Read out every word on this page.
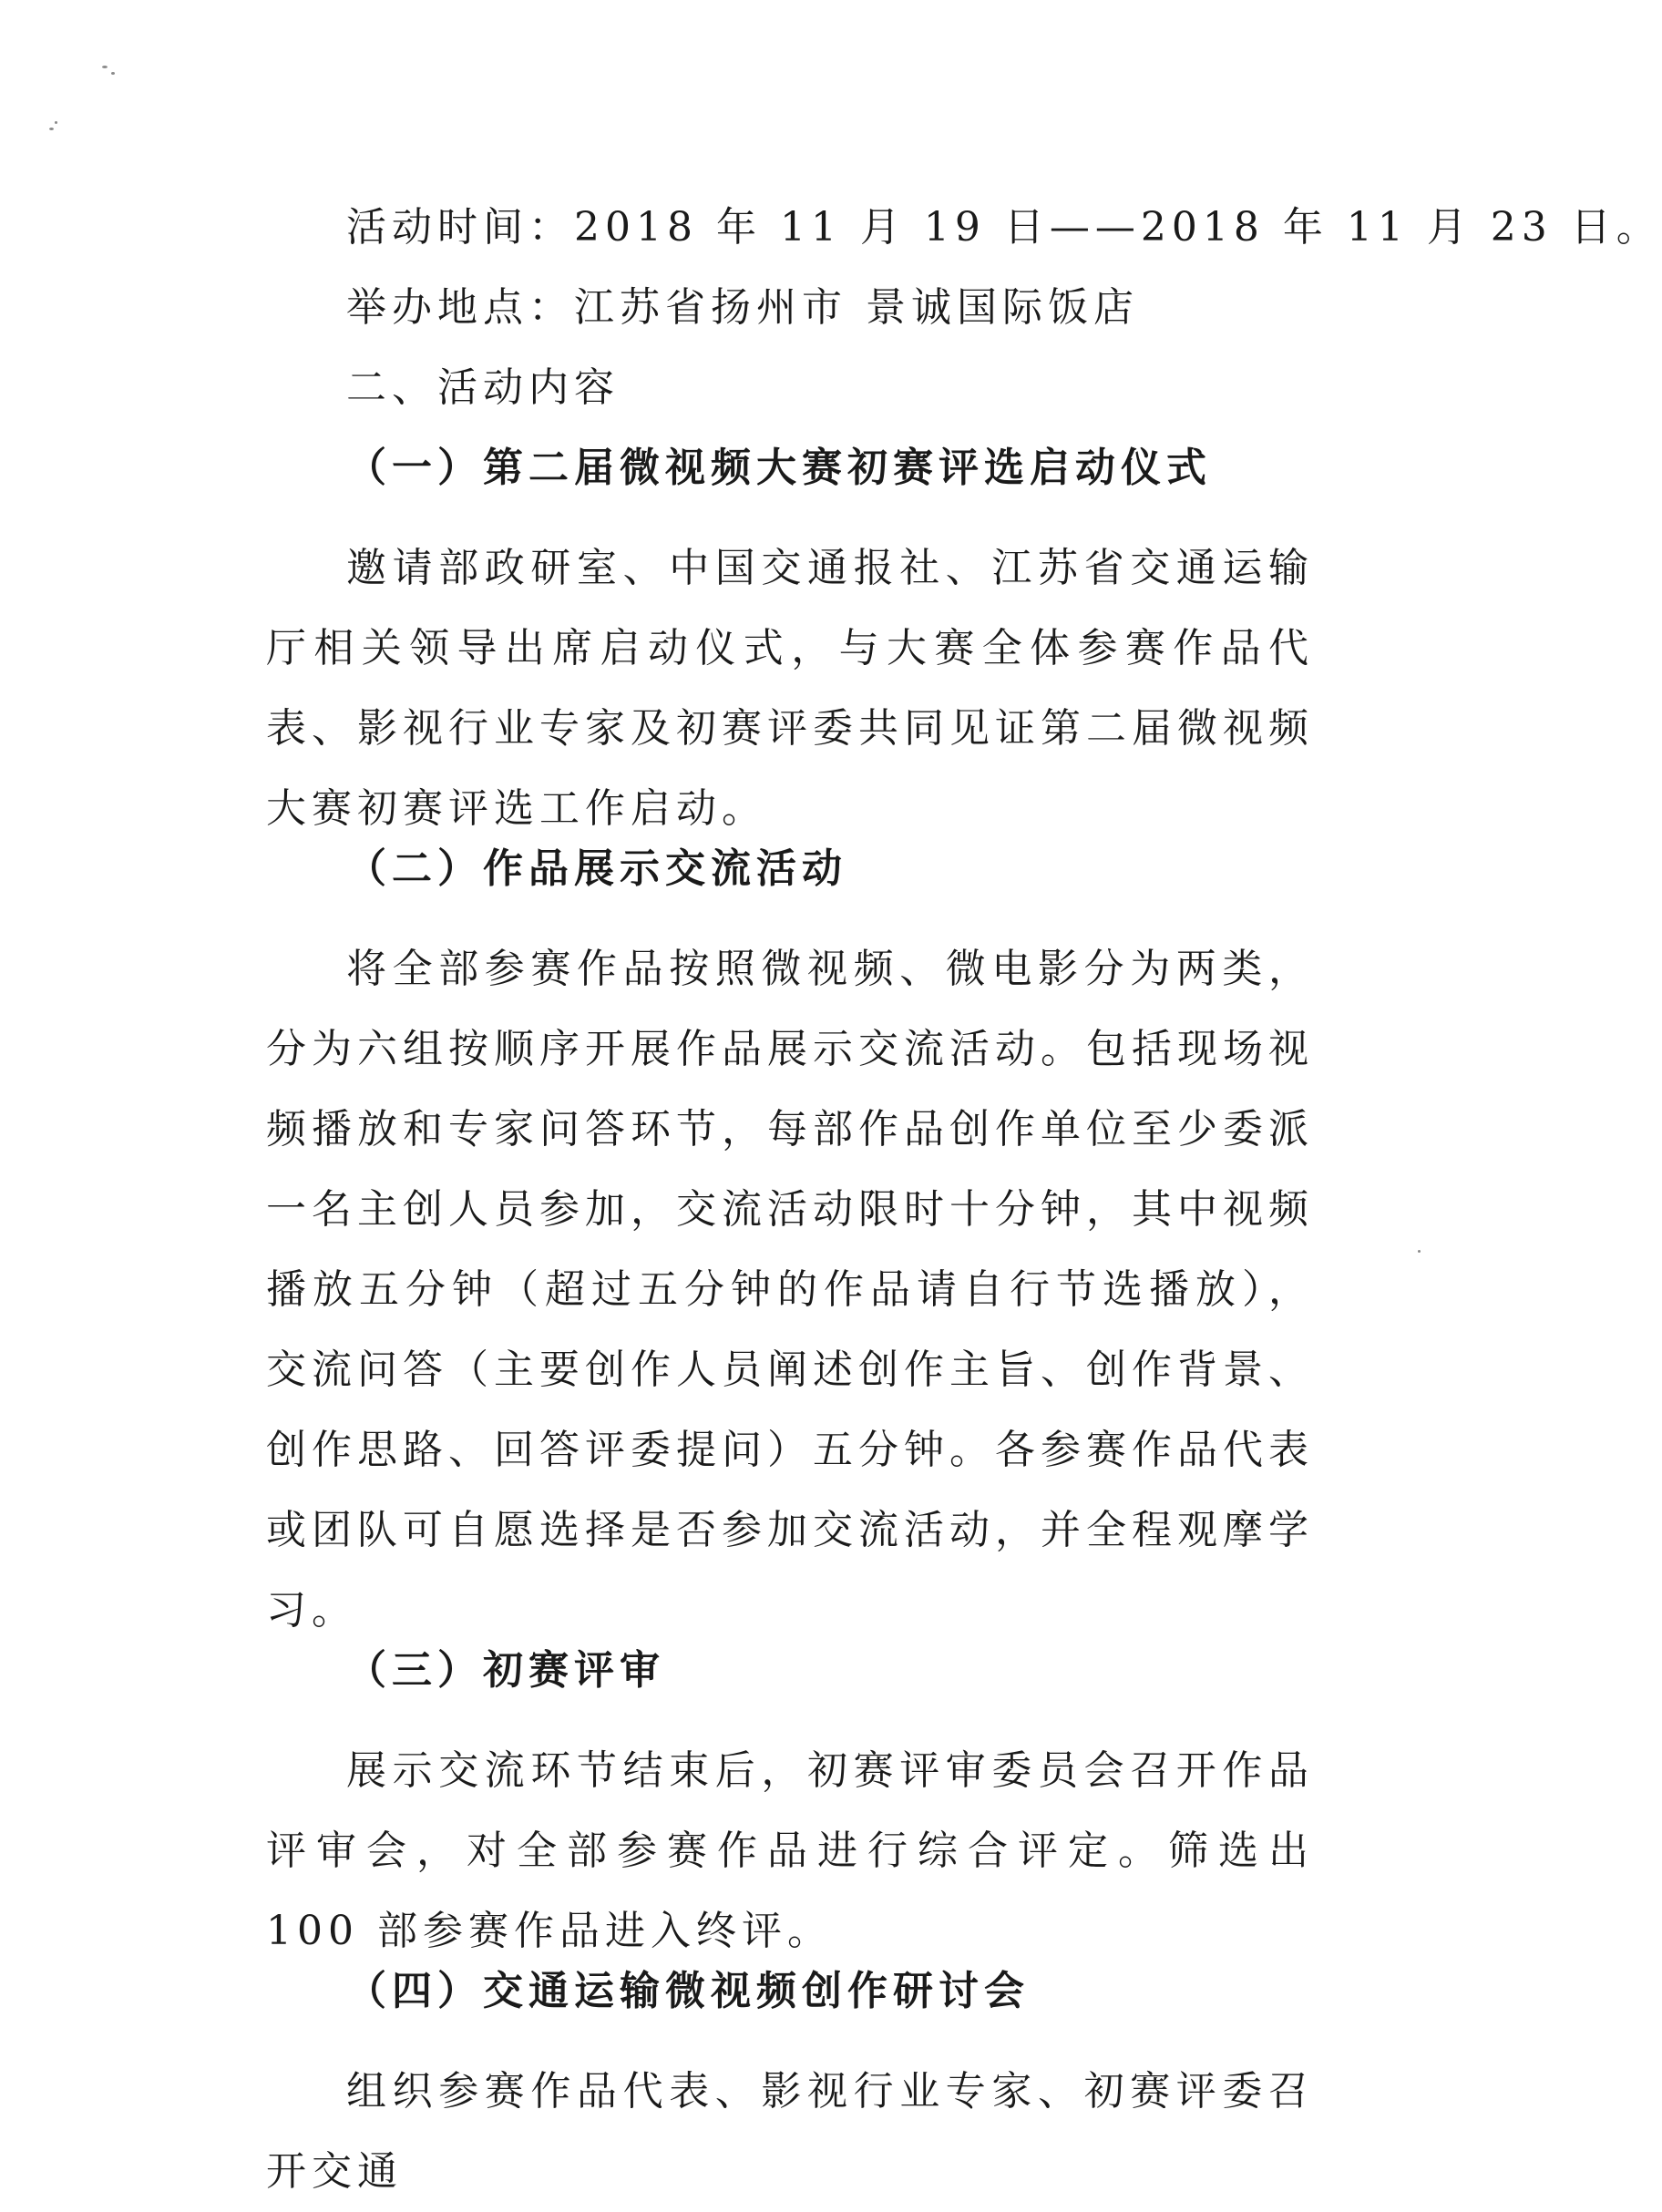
活动时间：2018 年 11 月 19 日——2018 年 11 月 23 日。
举办地点：江苏省扬州市 景诚国际饭店
二、活动内容
（一）第二届微视频大赛初赛评选启动仪式

邀请部政研室、中国交通报社、江苏省交通运输厅相关领导出席启动仪式，与大赛全体参赛作品代表、影视行业专家及初赛评委共同见证第二届微视频大赛初赛评选工作启动。

（二）作品展示交流活动

将全部参赛作品按照微视频、微电影分为两类，分为六组按顺序开展作品展示交流活动。包括现场视频播放和专家问答环节，每部作品创作单位至少委派一名主创人员参加，交流活动限时十分钟，其中视频播放五分钟（超过五分钟的作品请自行节选播放），交流问答（主要创作人员阐述创作主旨、创作背景、创作思路、回答评委提问）五分钟。各参赛作品代表或团队可自愿选择是否参加交流活动，并全程观摩学习。

（三）初赛评审

展示交流环节结束后，初赛评审委员会召开作品评审会，对全部参赛作品进行综合评定。筛选出 100 部参赛作品进入终评。

（四）交通运输微视频创作研讨会

组织参赛作品代表、影视行业专家、初赛评委召开交通
